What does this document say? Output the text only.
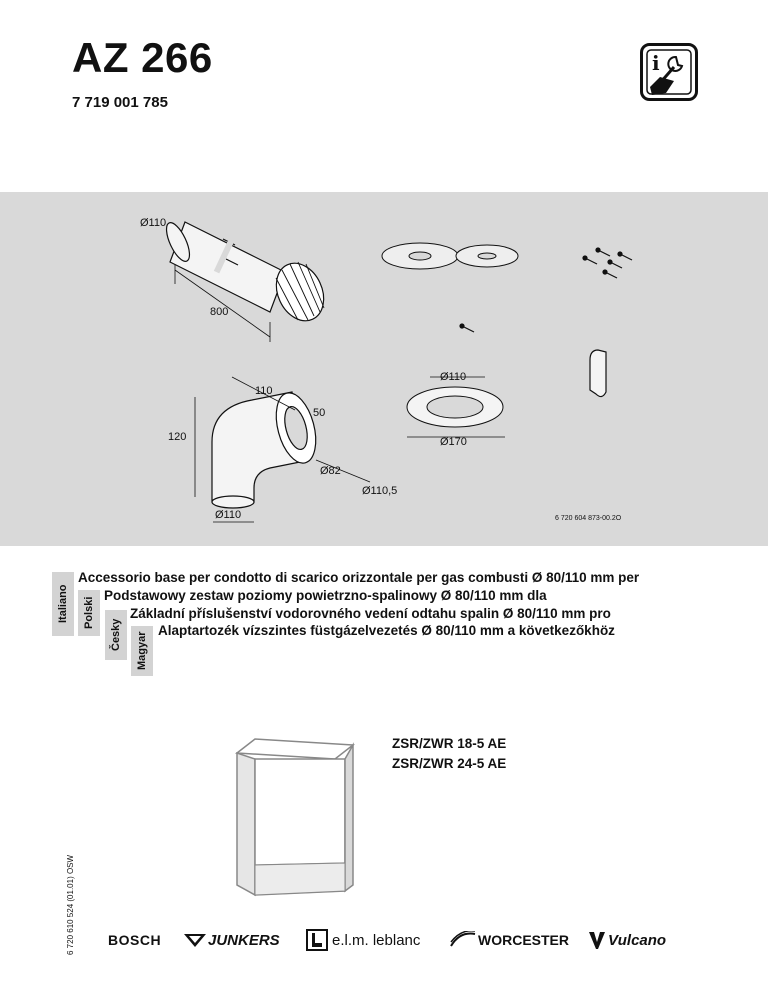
AZ 266
7 719 001 785
i
Ø110
800
Ø110
Ø170
110
50
120
Ø82
Ø110,5
Ø110	6 720 604 873-00.2O
Italiano	Polski
Česky	Magyar
Accessorio base per condotto di scarico orizzontale per gas combusti Ø 80/110 mm per
Podstawowy zestaw poziomy powietrzno-spalinowy Ø 80/110 mm dla
Základní příslušenství vodorovného vedení odtahu spalin Ø 80/110 mm pro
Alaptartozék vízszintes füstgázelvezetés Ø 80/110 mm a következőkhöz
ZSR/ZWR 18-5 AE
ZSR/ZWR 24-5 AE
6 720 610 524 (01.01) OSW	BOSCH	JUNKERS	e.l.m. leblanc	WORCESTER	Vulcano
